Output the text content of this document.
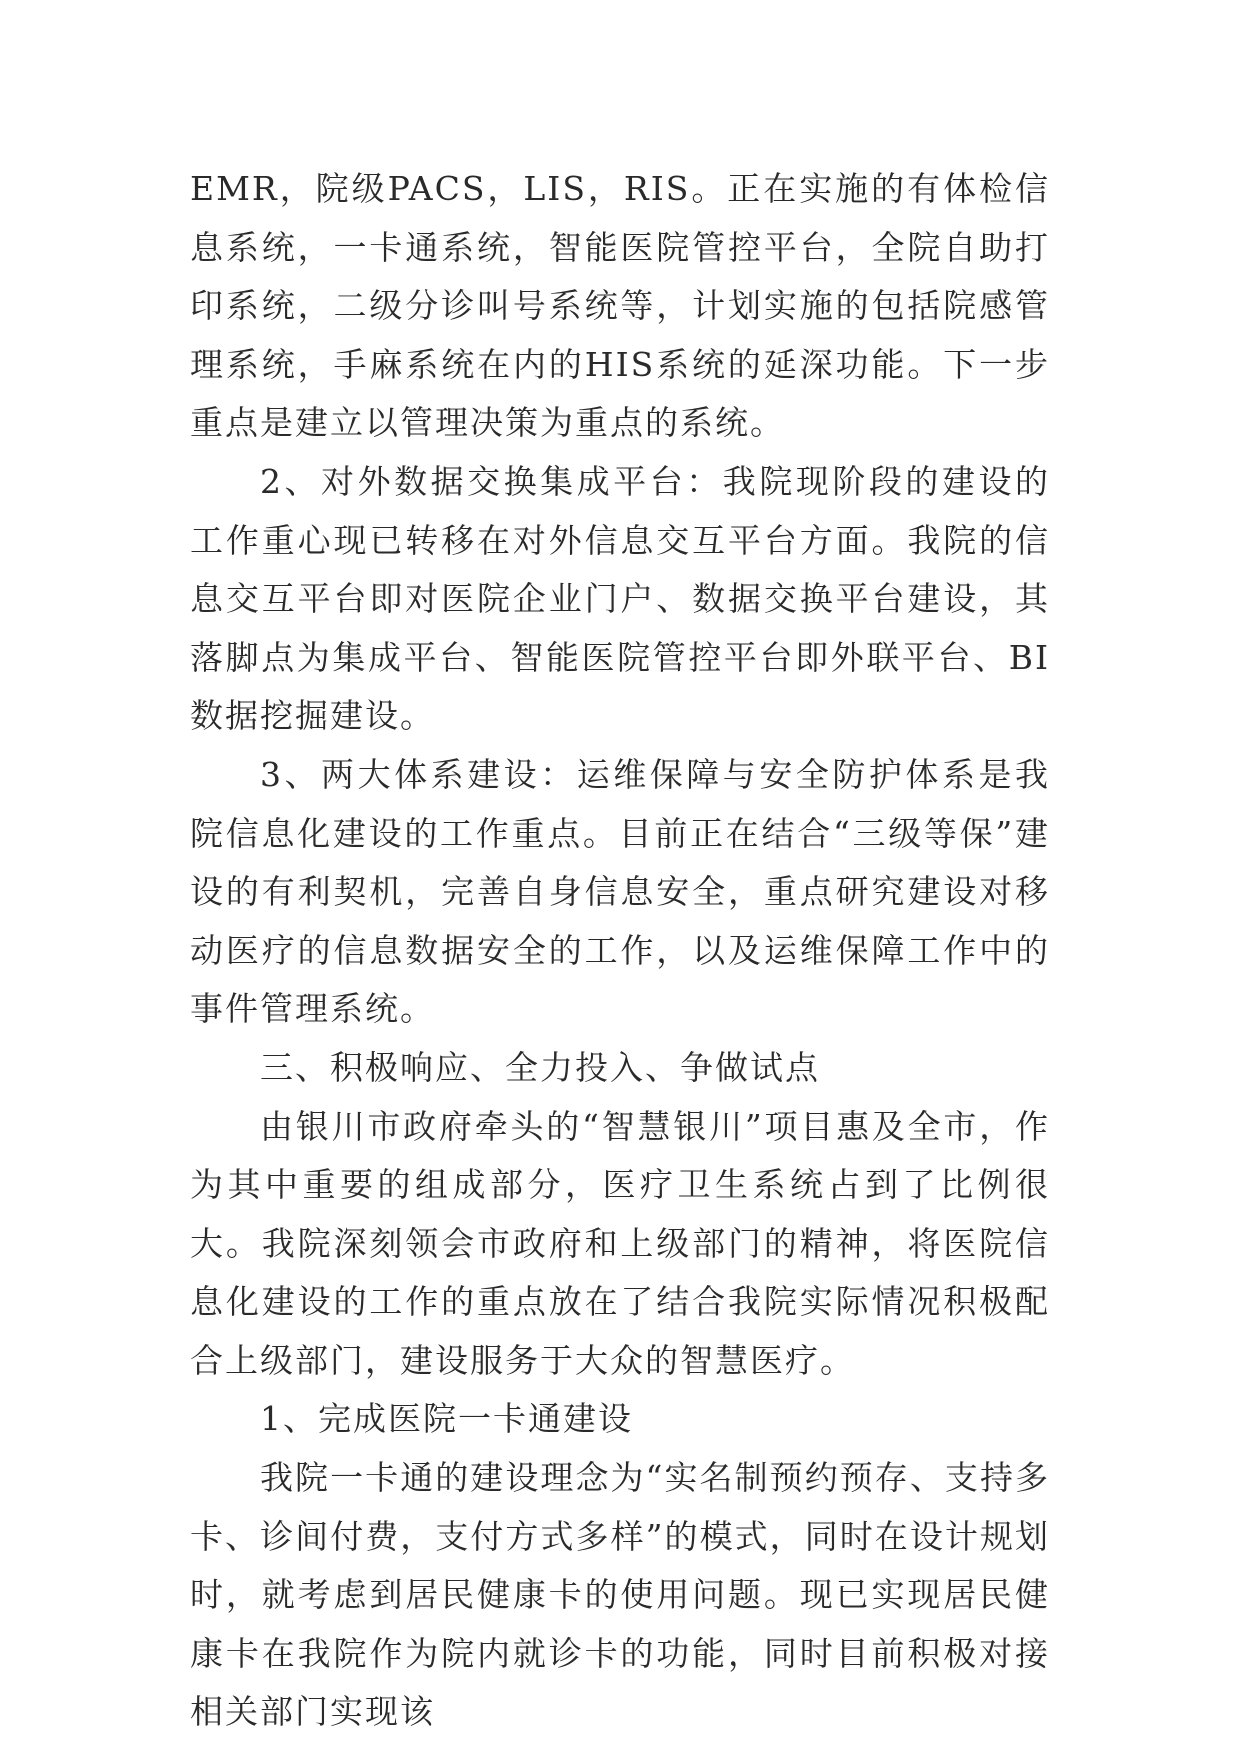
EMR，院级PACS，LIS，RIS。正在实施的有体检信息系统，一卡通系统，智能医院管控平台，全院自助打印系统，二级分诊叫号系统等，计划实施的包括院感管理系统，手麻系统在内的HIS系统的延深功能。下一步重点是建立以管理决策为重点的系统。

2、对外数据交换集成平台：我院现阶段的建设的工作重心现已转移在对外信息交互平台方面。我院的信息交互平台即对医院企业门户、数据交换平台建设，其落脚点为集成平台、智能医院管控平台即外联平台、BI数据挖掘建设。

3、两大体系建设：运维保障与安全防护体系是我院信息化建设的工作重点。目前正在结合“三级等保”建设的有利契机，完善自身信息安全，重点研究建设对移动医疗的信息数据安全的工作，以及运维保障工作中的事件管理系统。

三、积极响应、全力投入、争做试点

由银川市政府牵头的“智慧银川”项目惠及全市，作为其中重要的组成部分，医疗卫生系统占到了比例很大。我院深刻领会市政府和上级部门的精神，将医院信息化建设的工作的重点放在了结合我院实际情况积极配合上级部门，建设服务于大众的智慧医疗。

1、完成医院一卡通建设

我院一卡通的建设理念为“实名制预约预存、支持多卡、诊间付费，支付方式多样”的模式，同时在设计规划时，就考虑到居民健康卡的使用问题。现已实现居民健康卡在我院作为院内就诊卡的功能，同时目前积极对接相关部门实现该
